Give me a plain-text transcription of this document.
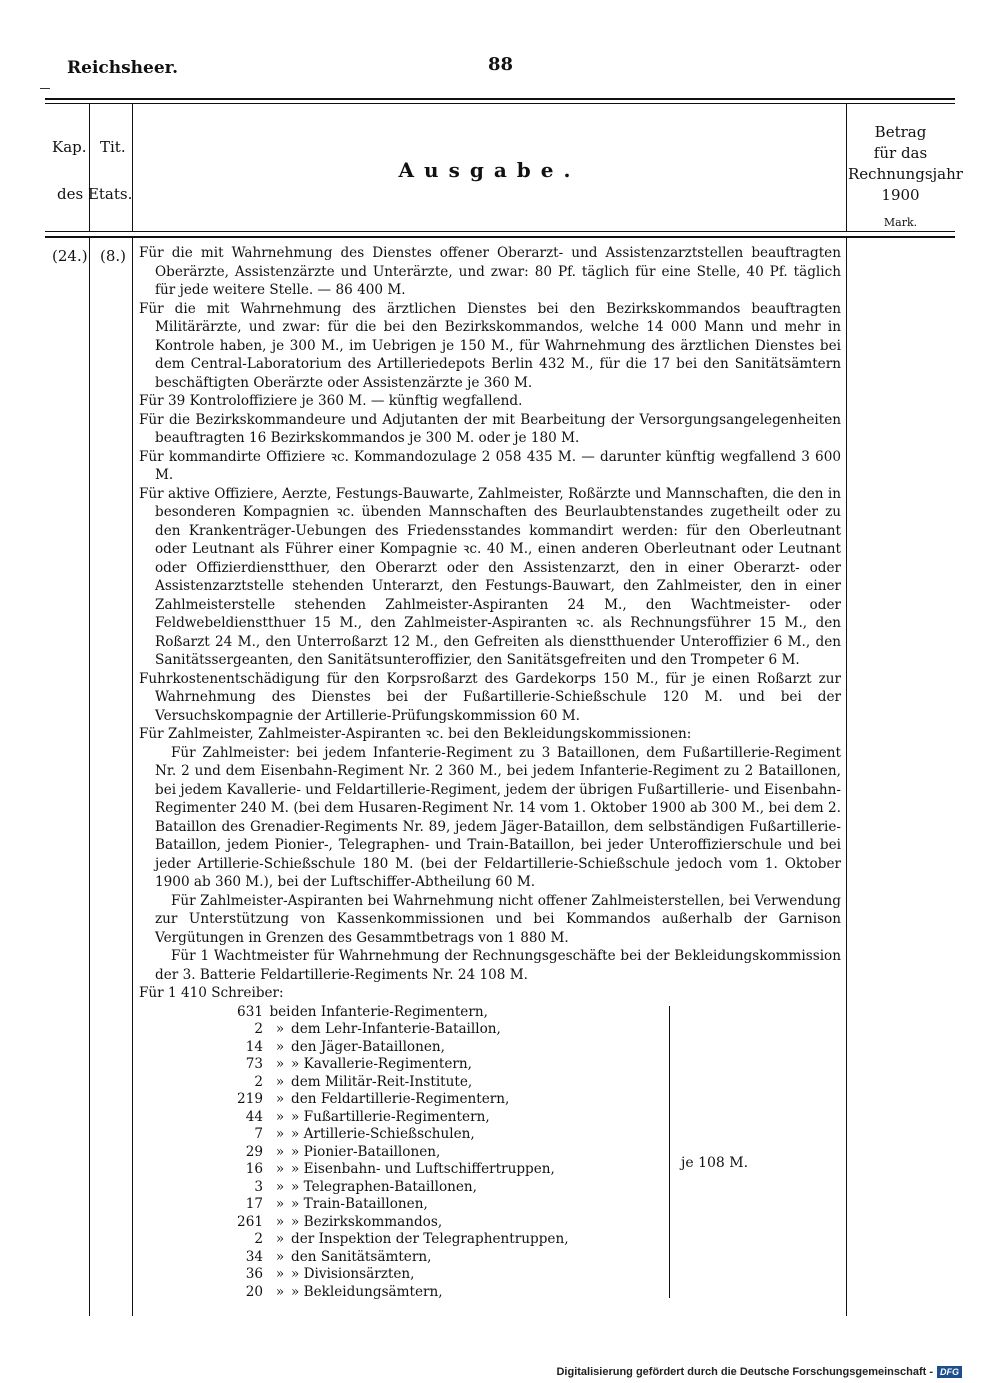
Reichsheer.	88
Kap. Tit.
des Etats.
Ausgabe.
Betrag
für das
Rechnungsjahr
1900
Mark.
(24.) (8.) Für die mit Wahrnehmung des Dienstes offener Oberarzt- und Assistenzarztstellen beauftragten Oberärzte, Assistenzärzte und Unterärzte, und zwar: 80 Pf. täglich für eine Stelle, 40 Pf. täglich für jede weitere Stelle. — 86 400 M.

Für die mit Wahrnehmung des ärztlichen Dienstes bei den Bezirkskommandos beauftragten Militärärzte, und zwar: für die bei den Bezirkskommandos, welche 14 000 Mann und mehr in Kontrole haben, je 300 M., im Uebrigen je 150 M., für Wahrnehmung des ärztlichen Dienstes bei dem Central-Laboratorium des Artilleriedepots Berlin 432 M., für die 17 bei den Sanitätsämtern beschäftigten Oberärzte oder Assistenzärzte je 360 M.

Für 39 Kontroloffiziere je 360 M. — künftig wegfallend.

Für die Bezirkskommandeure und Adjutanten der mit Bearbeitung der Versorgungsangelegenheiten beauftragten 16 Bezirkskommandos je 300 M. oder je 180 M.

Für kommandirte Offiziere ꝛc. Kommandozulage 2 058 435 M. — darunter künftig wegfallend 3 600 M.

Für aktive Offiziere, Aerzte, Festungs-Bauwarte, Zahlmeister, Roßärzte und Mannschaften, die den in besonderen Kompagnien ꝛc. übenden Mannschaften des Beurlaubtenstandes zugetheilt oder zu den Krankenträger-Uebungen des Friedensstandes kommandirt werden: für den Oberleutnant oder Leutnant als Führer einer Kompagnie ꝛc. 40 M., einen anderen Oberleutnant oder Leutnant oder Offizierdienstthuer, den Oberarzt oder den Assistenzarzt, den in einer Oberarzt- oder Assistenzarztstelle stehenden Unterarzt, den Festungs-Bauwart, den Zahlmeister, den in einer Zahlmeisterstelle stehenden Zahlmeister-Aspiranten 24 M., den Wachtmeister- oder Feldwebeldienstthuer 15 M., den Zahlmeister-Aspiranten ꝛc. als Rechnungsführer 15 M., den Roßarzt 24 M., den Unterroßarzt 12 M., den Gefreiten als dienstthuender Unteroffizier 6 M., den Sanitätssergeanten, den Sanitätsunteroffizier, den Sanitätsgefreiten und den Trompeter 6 M.

Fuhrkostenentschädigung für den Korpsroßarzt des Gardekorps 150 M., für je einen Roßarzt zur Wahrnehmung des Dienstes bei der Fußartillerie-Schießschule 120 M. und bei der Versuchskompagnie der Artillerie-Prüfungskommission 60 M.

Für Zahlmeister, Zahlmeister-Aspiranten ꝛc. bei den Bekleidungskommissionen:

Für Zahlmeister: bei jedem Infanterie-Regiment zu 3 Bataillonen, dem Fußartillerie-Regiment Nr. 2 und dem Eisenbahn-Regiment Nr. 2 360 M., bei jedem Infanterie-Regiment zu 2 Bataillonen, bei jedem Kavallerie- und Feldartillerie-Regiment, jedem der übrigen Fußartillerie- und Eisenbahn-Regimenter 240 M. (bei dem Husaren-Regiment Nr. 14 vom 1. Oktober 1900 ab 300 M., bei dem 2. Bataillon des Grenadier-Regiments Nr. 89, jedem Jäger-Bataillon, dem selbständigen Fußartillerie-Bataillon, jedem Pionier-, Telegraphen- und Train-Bataillon, bei jeder Unteroffizierschule und bei jeder Artillerie-Schießschule 180 M. (bei der Feldartillerie-Schießschule jedoch vom 1. Oktober 1900 ab 360 M.), bei der Luftschiffer-Abtheilung 60 M.

Für Zahlmeister-Aspiranten bei Wahrnehmung nicht offener Zahlmeisterstellen, bei Verwendung zur Unterstützung von Kassenkommissionen und bei Kommandos außerhalb der Garnison Vergütungen in Grenzen des Gesammtbetrags von 1 880 M.

Für 1 Wachtmeister für Wahrnehmung der Rechnungsgeschäfte bei der Bekleidungskommission der 3. Batterie Feldartillerie-Regiments Nr. 24 108 M.

Für 1 410 Schreiber:

je 108 M.
631 bei den Infanterie-Regimentern,
2 » dem Lehr-Infanterie-Bataillon,
14 » den Jäger-Bataillonen,
73 » » Kavallerie-Regimentern,
2 » dem Militär-Reit-Institute,
219 » den Feldartillerie-Regimentern,
44 » » Fußartillerie-Regimentern,
7 » » Artillerie-Schießschulen,
29 » » Pionier-Bataillonen,
16 » » Eisenbahn- und Luftschiffertruppen,
3 » » Telegraphen-Bataillonen,
17 » » Train-Bataillonen,
261 » » Bezirkskommandos,
2 » der Inspektion der Telegraphentruppen,
34 » den Sanitätsämtern,
36 » » Divisionsärzten,
20 » » Bekleidungsämtern,
Digitalisierung gefördert durch die Deutsche Forschungsgemeinschaft - DFG
